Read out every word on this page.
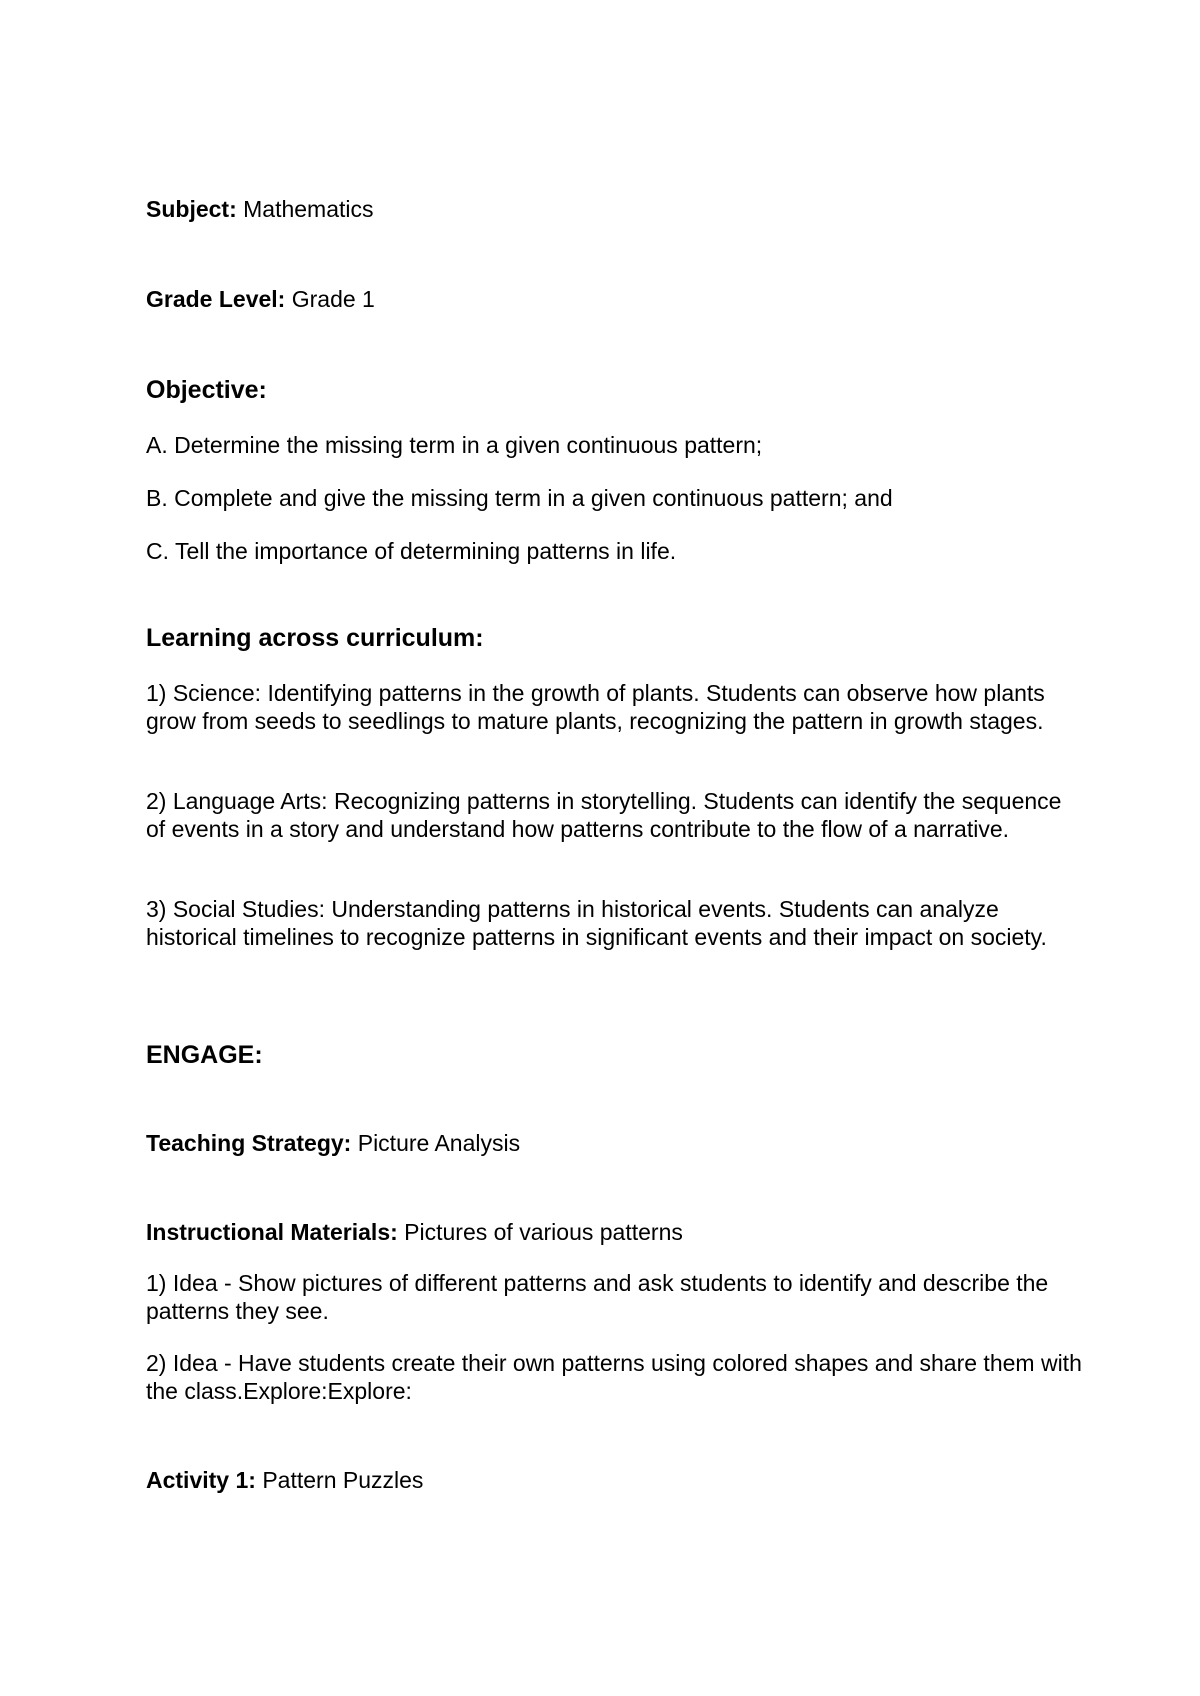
Subject: Mathematics
Grade Level: Grade 1
Objective:
A. Determine the missing term in a given continuous pattern;
B. Complete and give the missing term in a given continuous pattern; and
C. Tell the importance of determining patterns in life.
Learning across curriculum:
1) Science: Identifying patterns in the growth of plants. Students can observe how plants grow from seeds to seedlings to mature plants, recognizing the pattern in growth stages.
2) Language Arts: Recognizing patterns in storytelling. Students can identify the sequence of events in a story and understand how patterns contribute to the flow of a narrative.
3) Social Studies: Understanding patterns in historical events. Students can analyze historical timelines to recognize patterns in significant events and their impact on society.
ENGAGE:
Teaching Strategy: Picture Analysis
Instructional Materials: Pictures of various patterns
1) Idea - Show pictures of different patterns and ask students to identify and describe the patterns they see.
2) Idea - Have students create their own patterns using colored shapes and share them with the class.Explore:Explore:
Activity 1: Pattern Puzzles
